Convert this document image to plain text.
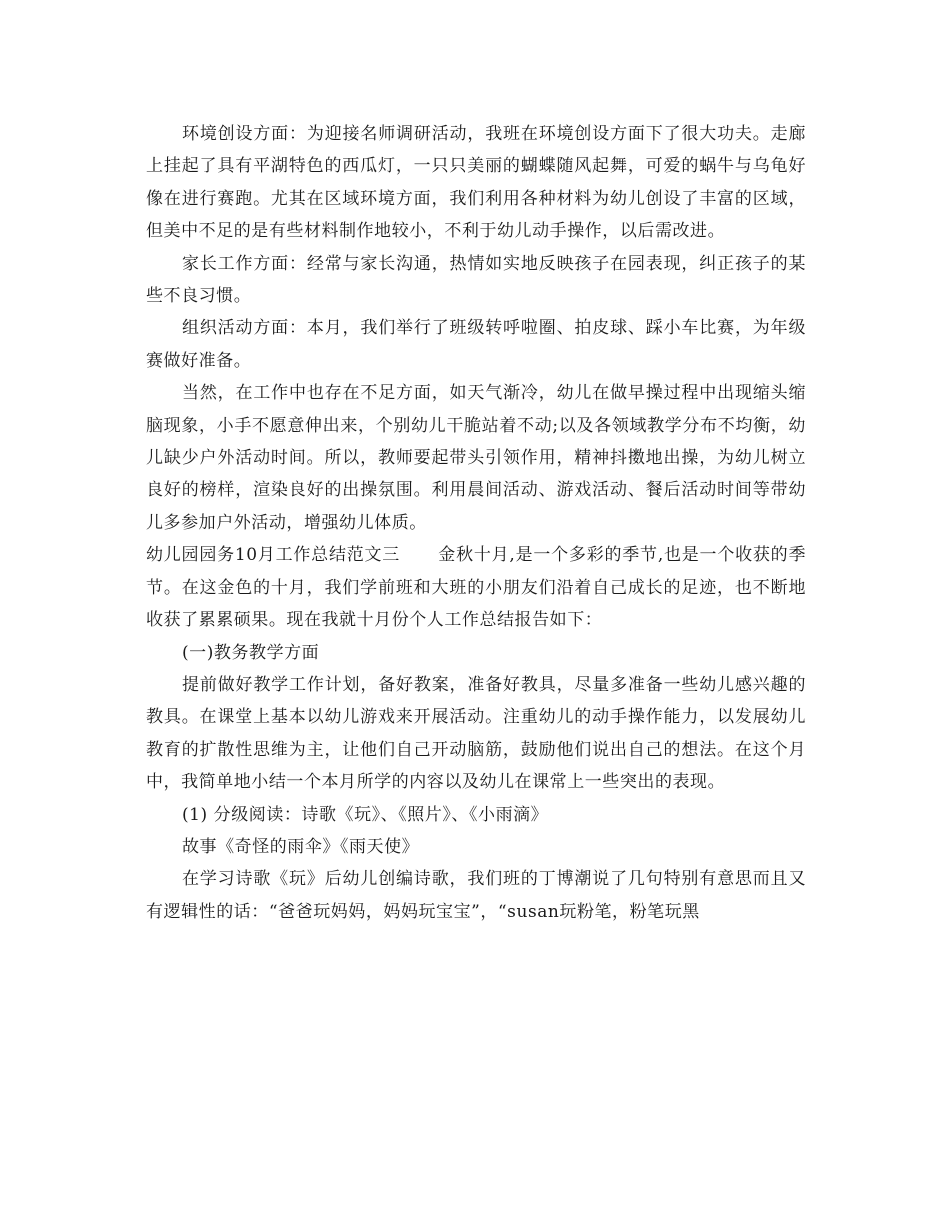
环境创设方面：为迎接名师调研活动，我班在环境创设方面下了很大功夫。走廊上挂起了具有平湖特色的西瓜灯，一只只美丽的蝴蝶随风起舞，可爱的蜗牛与乌龟好像在进行赛跑。尤其在区域环境方面，我们利用各种材料为幼儿创设了丰富的区域，但美中不足的是有些材料制作地较小，不利于幼儿动手操作，以后需改进。

家长工作方面：经常与家长沟通，热情如实地反映孩子在园表现，纠正孩子的某些不良习惯。

组织活动方面：本月，我们举行了班级转呼啦圈、拍皮球、踩小车比赛，为年级赛做好准备。

当然，在工作中也存在不足方面，如天气渐冷，幼儿在做早操过程中出现缩头缩脑现象，小手不愿意伸出来，个别幼儿干脆站着不动;以及各领域教学分布不均衡，幼儿缺少户外活动时间。所以，教师要起带头引领作用，精神抖擞地出操，为幼儿树立良好的榜样，渲染良好的出操氛围。利用晨间活动、游戏活动、餐后活动时间等带幼儿多参加户外活动，增强幼儿体质。

幼儿园园务10月工作总结范文三 金秋十月,是一个多彩的季节,也是一个收获的季节。在这金色的十月，我们学前班和大班的小朋友们沿着自己成长的足迹，也不断地收获了累累硕果。现在我就十月份个人工作总结报告如下：

(一)教务教学方面

提前做好教学工作计划，备好教案，准备好教具，尽量多准备一些幼儿感兴趣的教具。在课堂上基本以幼儿游戏来开展活动。注重幼儿的动手操作能力，以发展幼儿教育的扩散性思维为主，让他们自己开动脑筋，鼓励他们说出自己的想法。在这个月中，我简单地小结一个本月所学的内容以及幼儿在课常上一些突出的表现。

(1) 分级阅读：诗歌《玩》、《照片》、《小雨滴》

故事《奇怪的雨伞》《雨天使》

在学习诗歌《玩》后幼儿创编诗歌，我们班的丁博潮说了几句特别有意思而且又有逻辑性的话：“爸爸玩妈妈，妈妈玩宝宝”，“susan玩粉笔，粉笔玩黑
